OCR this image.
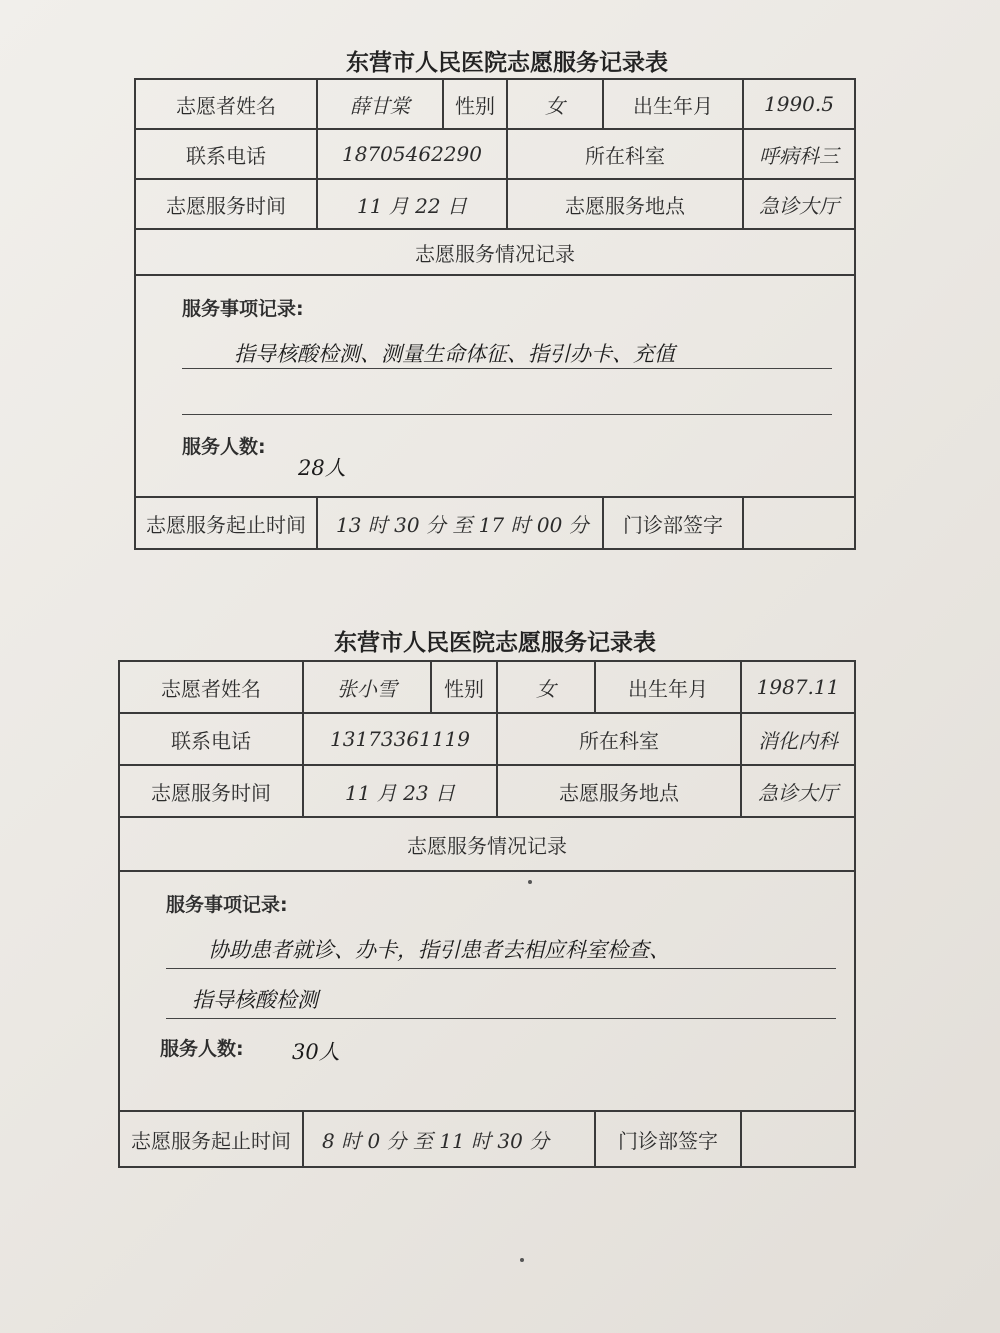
东营市人民医院志愿服务记录表
志愿者姓名	薛甘棠	性别	女	出生年月	1990.5
联系电话	18705462290		所在科室		呼病科三
志愿服务时间	11 月 22 日		志愿服务地点		急诊大厅
志愿服务情况记录					

服务事项记录:
指导核酸检测、测量生命体征、指引办卡、充值
服务人数:
28人					

志愿服务起止时间	13 时 30 分 至 17 时 00 分			门诊部签字	
东营市人民医院志愿服务记录表
志愿者姓名	张小雪	性别	女	出生年月	1987.11
联系电话	13173361119		所在科室		消化内科
志愿服务时间	11 月 23 日		志愿服务地点		急诊大厅
志愿服务情况记录					

服务事项记录:
协助患者就诊、办卡，指引患者去相应科室检查、
指导核酸检测
服务人数: 30人					

志愿服务起止时间	8 时 0 分 至 11 时 30 分			门诊部签字	
